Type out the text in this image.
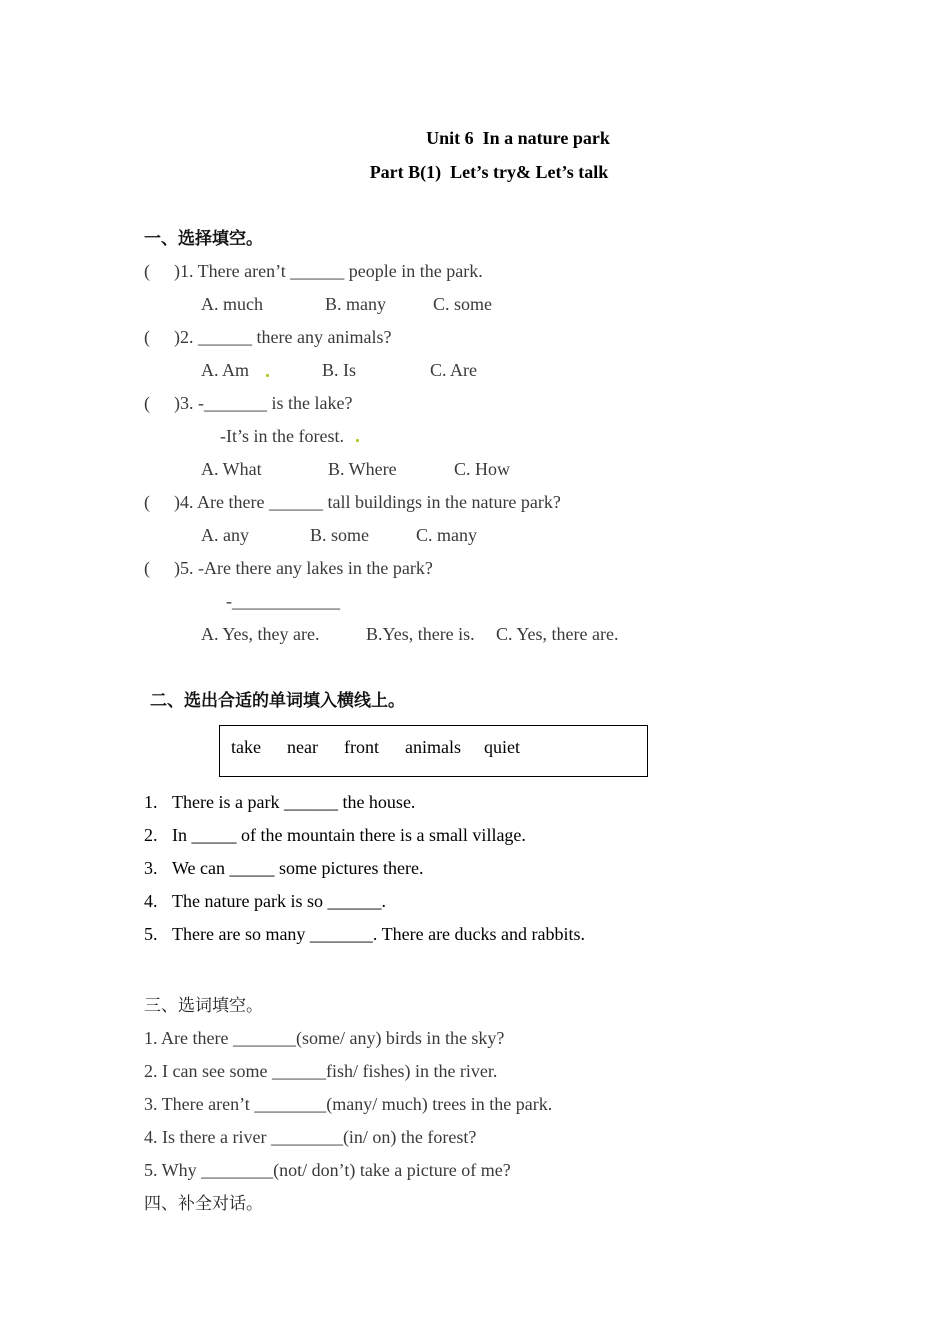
Unit 6  In a nature park
Part B(1)  Let’s try& Let’s talk
一、选择填空。
( )1. There aren’t ______ people in the park.
A. much	B. many	C. some
( )2. ______ there any animals?
A. Am	B. Is	C. Are
( )3. -_______ is the lake?
-It’s in the forest.
A. What	B. Where	C. How
( )4. Are there ______ tall buildings in the nature park?
A. any	B. some	C. many
( )5. -Are there any lakes in the park?
-____________
A. Yes, they are.	B.Yes, there is. C. Yes, there are.
二、选出合适的单词填入横线上。
take near front animals quiet
1. There is a park ______ the house.
2. In _____ of the mountain there is a small village.
3. We can _____ some pictures there.
4. The nature park is so ______.
5. There are so many _______. There are ducks and rabbits.
三、选词填空。
1. Are there _______(some/ any) birds in the sky?
2. I can see some ______fish/ fishes) in the river.
3. There aren’t ________(many/ much) trees in the park.
4. Is there a river ________(in/ on) the forest?
5. Why ________(not/ don’t) take a picture of me?
四、补全对话。
